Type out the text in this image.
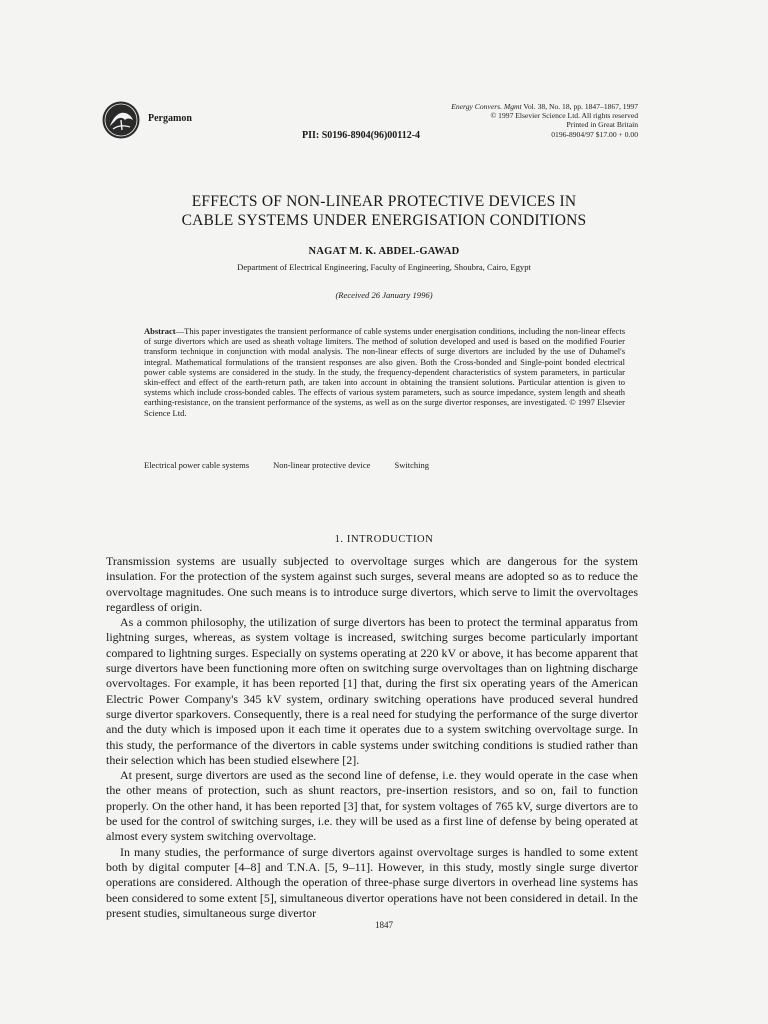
Pergamon
Energy Convers. Mgmt Vol. 38, No. 18, pp. 1847–1867, 1997
© 1997 Elsevier Science Ltd. All rights reserved
Printed in Great Britain
0196-8904/97 $17.00 + 0.00
PII: S0196-8904(96)00112-4
EFFECTS OF NON-LINEAR PROTECTIVE DEVICES IN
CABLE SYSTEMS UNDER ENERGISATION CONDITIONS
NAGAT M. K. ABDEL-GAWAD
Department of Electrical Engineering, Faculty of Engineering, Shoubra, Cairo, Egypt
(Received 26 January 1996)
Abstract—This paper investigates the transient performance of cable systems under energisation conditions, including the non-linear effects of surge divertors which are used as sheath voltage limiters. The method of solution developed and used is based on the modified Fourier transform technique in conjunction with modal analysis. The non-linear effects of surge divertors are included by the use of Duhamel's integral. Mathematical formulations of the transient responses are also given. Both the Cross-bonded and Single-point bonded electrical power cable systems are considered in the study. In the study, the frequency-dependent characteristics of system parameters, in particular skin-effect and effect of the earth-return path, are taken into account in obtaining the transient solutions. Particular attention is given to systems which include cross-bonded cables. The effects of various system parameters, such as source impedance, system length and sheath earthing-resistance, on the transient performance of the systems, as well as on the surge divertor responses, are investigated. © 1997 Elsevier Science Ltd.
Electrical power cable systems	Non-linear protective device	Switching
1. INTRODUCTION

Transmission systems are usually subjected to overvoltage surges which are dangerous for the system insulation. For the protection of the system against such surges, several means are adopted so as to reduce the overvoltage magnitudes. One such means is to introduce surge divertors, which serve to limit the overvoltages regardless of origin.

As a common philosophy, the utilization of surge divertors has been to protect the terminal apparatus from lightning surges, whereas, as system voltage is increased, switching surges become particularly important compared to lightning surges. Especially on systems operating at 220 kV or above, it has become apparent that surge divertors have been functioning more often on switching surge overvoltages than on lightning discharge overvoltages. For example, it has been reported [1] that, during the first six operating years of the American Electric Power Company's 345 kV system, ordinary switching operations have produced several hundred surge divertor sparkovers. Consequently, there is a real need for studying the performance of the surge divertor and the duty which is imposed upon it each time it operates due to a system switching overvoltage surge. In this study, the performance of the divertors in cable systems under switching conditions is studied rather than their selection which has been studied elsewhere [2].

At present, surge divertors are used as the second line of defense, i.e. they would operate in the case when the other means of protection, such as shunt reactors, pre-insertion resistors, and so on, fail to function properly. On the other hand, it has been reported [3] that, for system voltages of 765 kV, surge divertors are to be used for the control of switching surges, i.e. they will be used as a first line of defense by being operated at almost every system switching overvoltage.

In many studies, the performance of surge divertors against overvoltage surges is handled to some extent both by digital computer [4–8] and T.N.A. [5, 9–11]. However, in this study, mostly single surge divertor operations are considered. Although the operation of three-phase surge divertors in overhead line systems has been considered to some extent [5], simultaneous divertor operations have not been considered in detail. In the present studies, simultaneous surge divertor

1847
